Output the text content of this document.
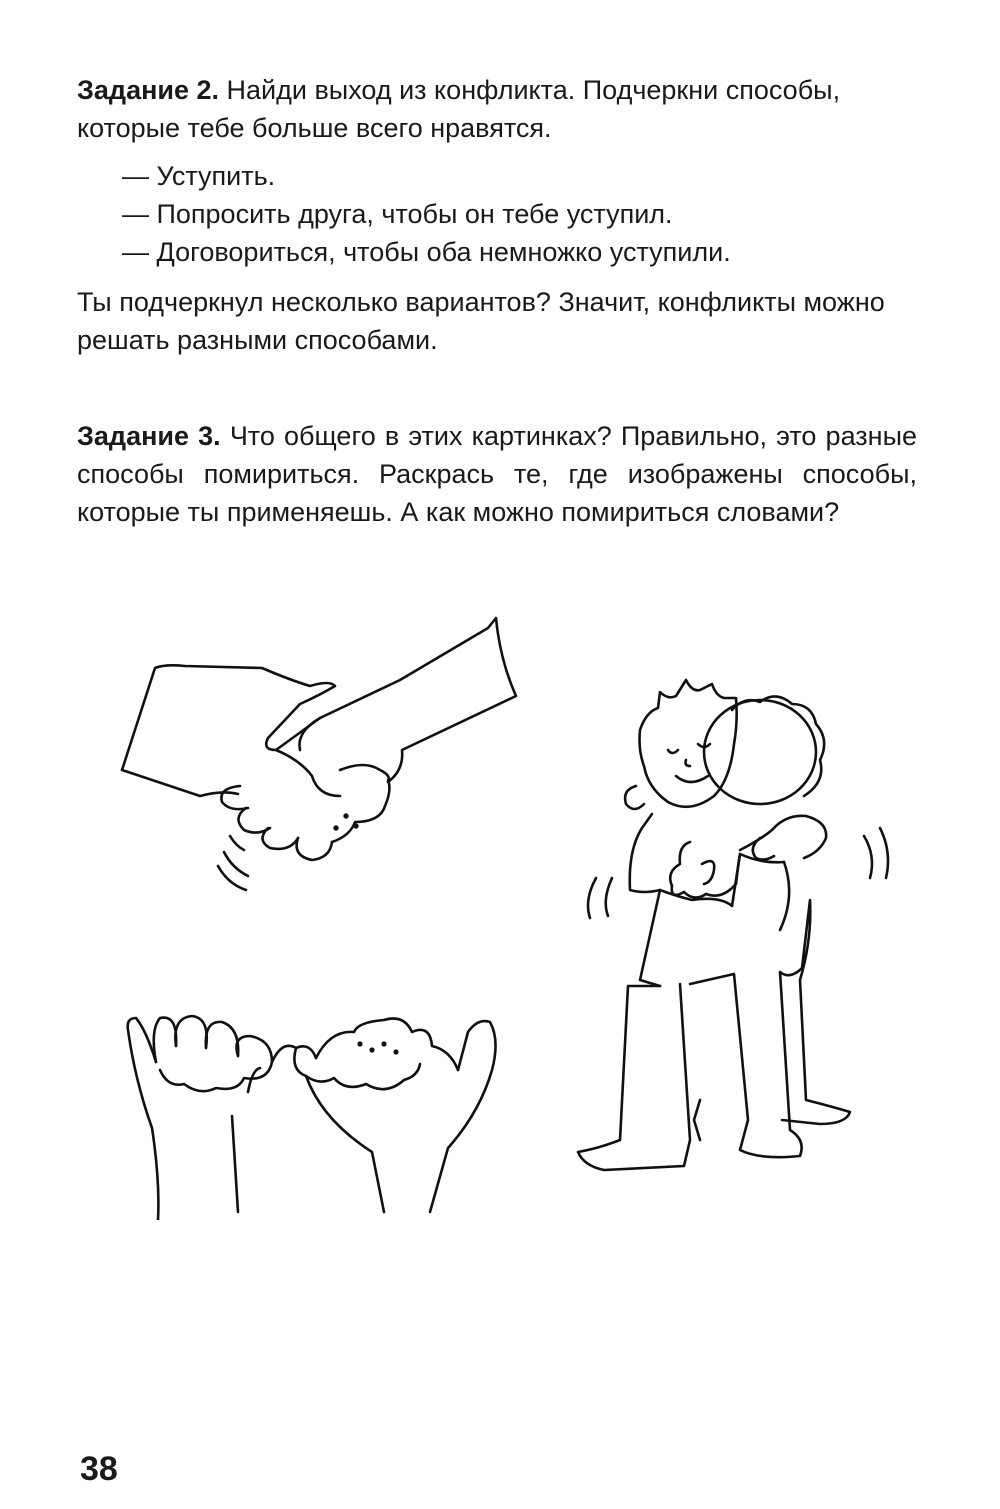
Задание 2. Найди выход из конфликта. Подчеркни способы, которые тебе больше всего нравятся.

— Уступить.
— Попросить друга, чтобы он тебе уступил.
— Договориться, чтобы оба немножко уступили.

Ты подчеркнул несколько вариантов? Значит, конфликты можно решать разными способами.

Задание 3. Что общего в этих картинках? Правильно, это разные способы помириться. Раскрась те, где изображены способы, которые ты применяешь. А как можно помириться словами?

38
